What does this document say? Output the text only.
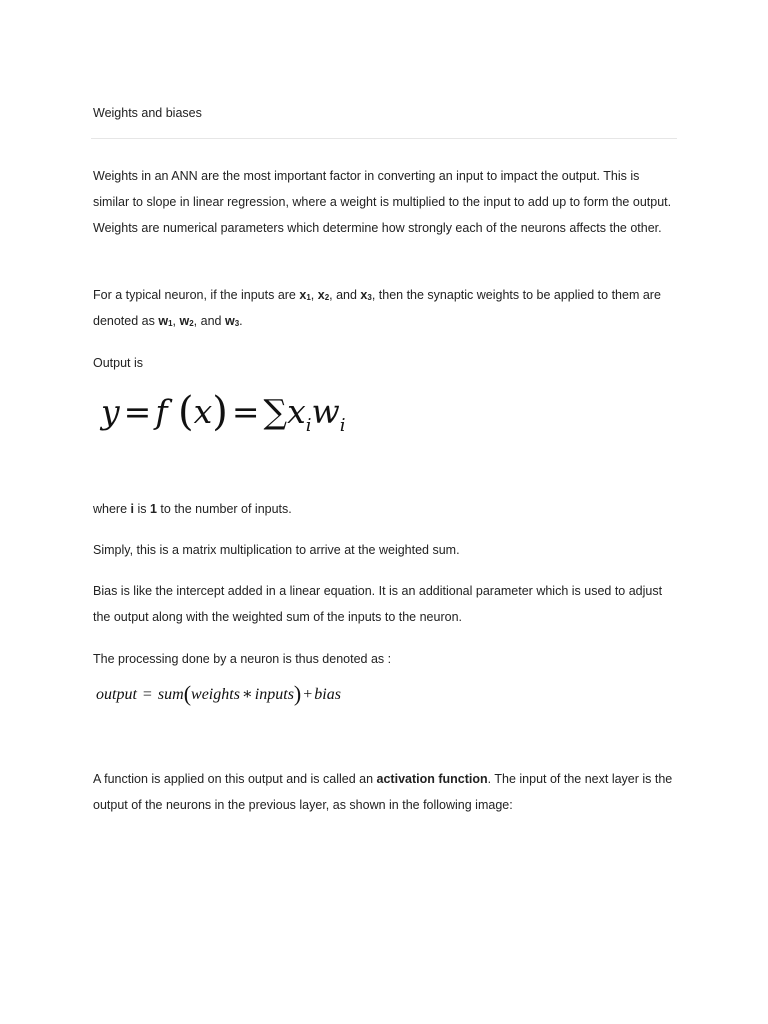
Weights and biases

Weights in an ANN are the most important factor in converting an input to impact the output. This is similar to slope in linear regression, where a weight is multiplied to the input to add up to form the output. Weights are numerical parameters which determine how strongly each of the neurons affects the other.

For a typical neuron, if the inputs are $x_1$, $x_2$, and $x_3$, then the synaptic weights to be applied to them are denoted as $w_1$, $w_2$, and $w_3$.

Output is

y = f $(x) = \sum x_iw_i$

where i is 1 to the number of inputs.

Simply, this is a matrix multiplication to arrive at the weighted sum.

Bias is like the intercept added in a linear equation. It is an additional parameter which is used to adjust the output along with the weighted sum of the inputs to the neuron.

The processing done by a neuron is thus denoted as :

output = sum(weights ∗ inputs) + bias

A function is applied on this output and is called an activation function. The input of the next layer is the output of the neurons in the previous layer, as shown in the following image:
